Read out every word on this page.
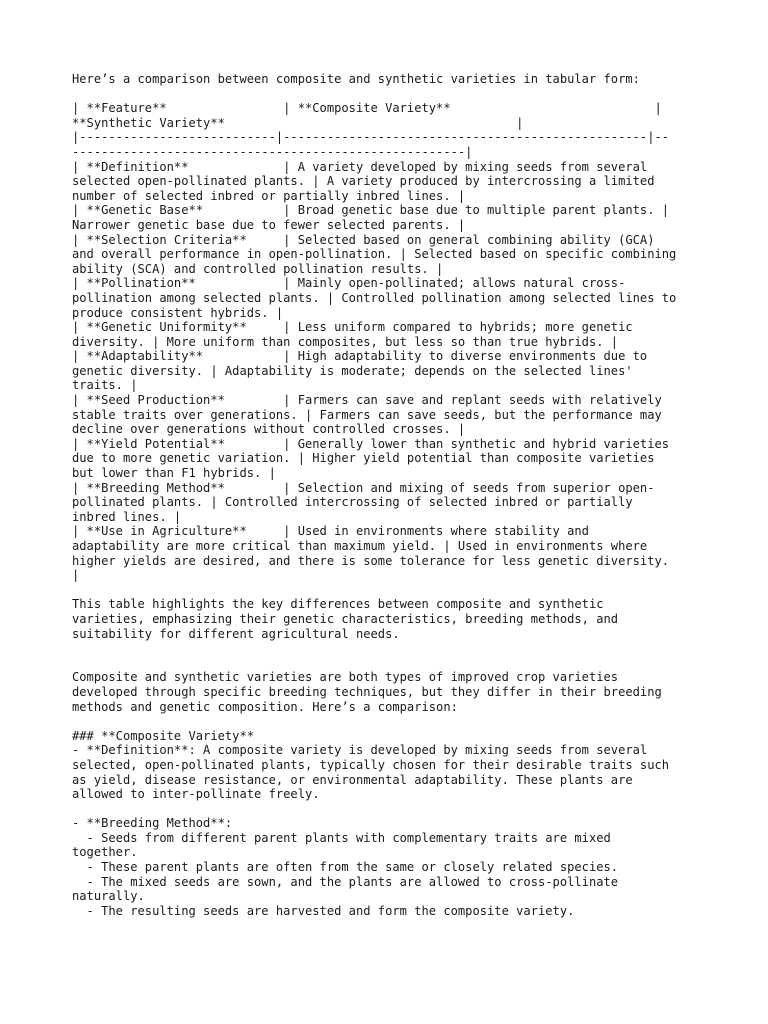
Here’s a comparison between composite and synthetic varieties in tabular form:
| **Feature**                | **Composite Variety**                            |
**Synthetic Variety**                                        |
|---------------------------|--------------------------------------------------|--
------------------------------------------------------|
| **Definition**             | A variety developed by mixing seeds from several
selected open-pollinated plants. | A variety produced by intercrossing a limited
number of selected inbred or partially inbred lines. |
| **Genetic Base**           | Broad genetic base due to multiple parent plants. |
Narrower genetic base due to fewer selected parents. |
| **Selection Criteria**     | Selected based on general combining ability (GCA)
and overall performance in open-pollination. | Selected based on specific combining
ability (SCA) and controlled pollination results. |
| **Pollination**            | Mainly open-pollinated; allows natural cross-
pollination among selected plants. | Controlled pollination among selected lines to
produce consistent hybrids. |
| **Genetic Uniformity**     | Less uniform compared to hybrids; more genetic
diversity. | More uniform than composites, but less so than true hybrids. |
| **Adaptability**           | High adaptability to diverse environments due to
genetic diversity. | Adaptability is moderate; depends on the selected lines'
traits. |
| **Seed Production**        | Farmers can save and replant seeds with relatively
stable traits over generations. | Farmers can save seeds, but the performance may
decline over generations without controlled crosses. |
| **Yield Potential**        | Generally lower than synthetic and hybrid varieties
due to more genetic variation. | Higher yield potential than composite varieties
but lower than F1 hybrids. |
| **Breeding Method**        | Selection and mixing of seeds from superior open-
pollinated plants. | Controlled intercrossing of selected inbred or partially
inbred lines. |
| **Use in Agriculture**     | Used in environments where stability and
adaptability are more critical than maximum yield. | Used in environments where
higher yields are desired, and there is some tolerance for less genetic diversity.
|
This table highlights the key differences between composite and synthetic
varieties, emphasizing their genetic characteristics, breeding methods, and
suitability for different agricultural needs.
Composite and synthetic varieties are both types of improved crop varieties
developed through specific breeding techniques, but they differ in their breeding
methods and genetic composition. Here’s a comparison:
### **Composite Variety**
- **Definition**: A composite variety is developed by mixing seeds from several
selected, open-pollinated plants, typically chosen for their desirable traits such
as yield, disease resistance, or environmental adaptability. These plants are
allowed to inter-pollinate freely.
- **Breeding Method**:
- Seeds from different parent plants with complementary traits are mixed
together.
- These parent plants are often from the same or closely related species.
- The mixed seeds are sown, and the plants are allowed to cross-pollinate
naturally.
- The resulting seeds are harvested and form the composite variety.
